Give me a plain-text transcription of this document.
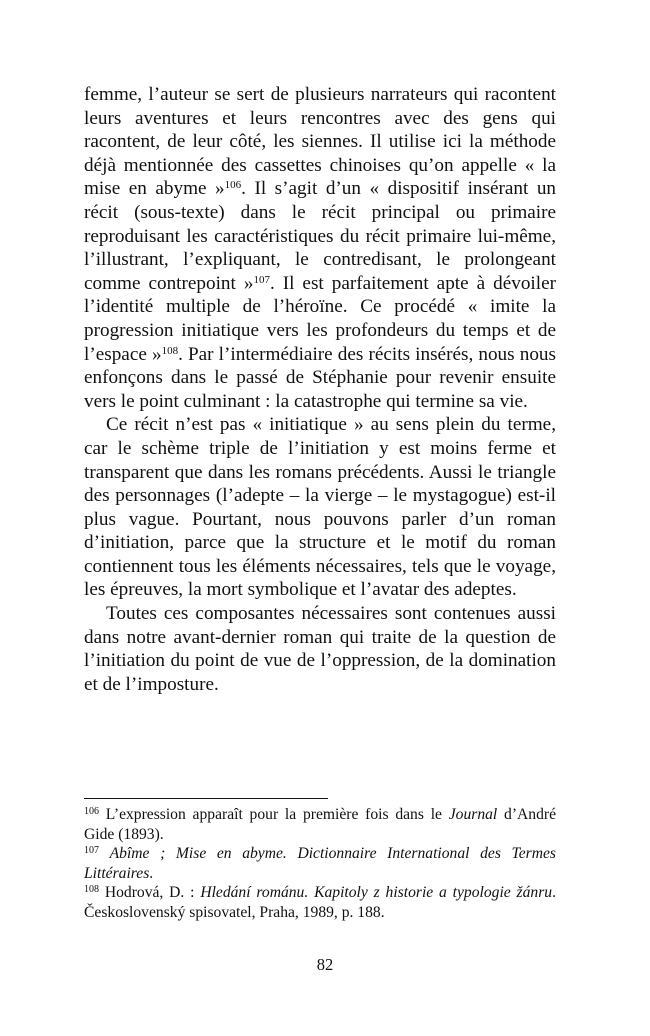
femme, l’auteur se sert de plusieurs narrateurs qui racontent leurs aventures et leurs rencontres avec des gens qui racontent, de leur côté, les siennes. Il utilise ici la méthode déjà mentionnée des cassettes chinoises qu’on appelle « la mise en abyme »$^{106}$. Il s’agit d’un « dispositif insérant un récit (sous-texte) dans le récit principal ou primaire reproduisant les caractéristiques du récit primaire lui-même, l’illustrant, l’expliquant, le contredisant, le prolongeant comme contrepoint »$^{107}$. Il est parfaitement apte à dévoiler l’identité multiple de l’héroïne. Ce procédé « imite la progression initiatique vers les profondeurs du temps et de l’espace »$^{108}$. Par l’intermédiaire des récits insérés, nous nous enfonçons dans le passé de Stéphanie pour revenir ensuite vers le point culminant : la catastrophe qui termine sa vie.

Ce récit n’est pas « initiatique » au sens plein du terme, car le schème triple de l’initiation y est moins ferme et transparent que dans les romans précédents. Aussi le triangle des personnages (l’adepte – la vierge – le mystagogue) est-il plus vague. Pourtant, nous pouvons parler d’un roman d’initiation, parce que la structure et le motif du roman contiennent tous les éléments nécessaires, tels que le voyage, les épreuves, la mort symbolique et l’avatar des adeptes.

Toutes ces composantes nécessaires sont contenues aussi dans notre avant-dernier roman qui traite de la question de l’initiation du point de vue de l’oppression, de la domination et de l’imposture.

$^{106}$ L’expression apparaît pour la première fois dans le Journal d’André Gide (1893).

$^{107}$ Abîme ; Mise en abyme. Dictionnaire International des Termes Littéraires.

$^{108}$ Hodrová, D. : Hledání románu. Kapitoly z historie a typologie žánru. Československý spisovatel, Praha, 1989, p. 188.

82
